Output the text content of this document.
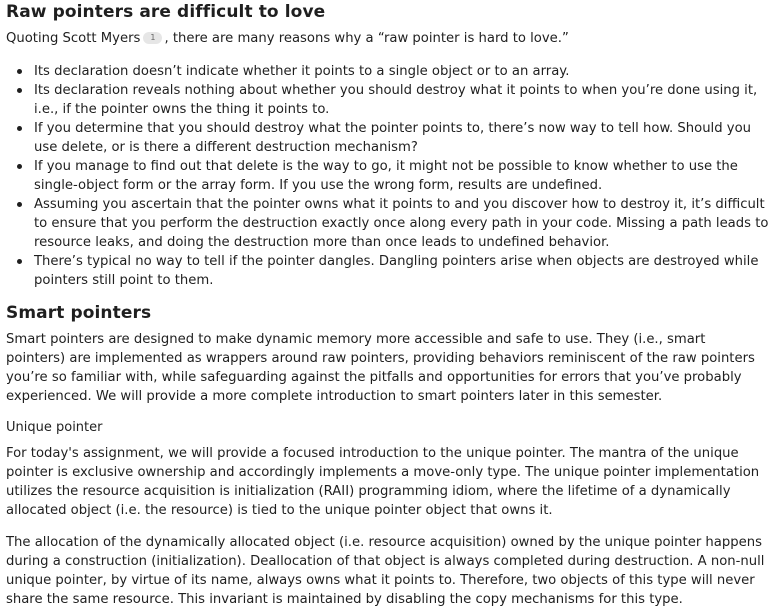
Raw pointers are difficult to love

Quoting Scott Myers 1 , there are many reasons why a “raw pointer is hard to love.”

Its declaration doesn’t indicate whether it points to a single object or to an array.
Its declaration reveals nothing about whether you should destroy what it points to when you’re done using it, i.e., if the pointer owns the thing it points to.
If you determine that you should destroy what the pointer points to, there’s now way to tell how. Should you use delete, or is there a different destruction mechanism?
If you manage to find out that delete is the way to go, it might not be possible to know whether to use the single-object form or the array form. If you use the wrong form, results are undefined.
Assuming you ascertain that the pointer owns what it points to and you discover how to destroy it, it’s difficult to ensure that you perform the destruction exactly once along every path in your code. Missing a path leads to resource leaks, and doing the destruction more than once leads to undefined behavior.
There’s typical no way to tell if the pointer dangles. Dangling pointers arise when objects are destroyed while pointers still point to them.
Smart pointers

Smart pointers are designed to make dynamic memory more accessible and safe to use. They (i.e., smart pointers) are implemented as wrappers around raw pointers, providing behaviors reminiscent of the raw pointers you’re so familiar with, while safeguarding against the pitfalls and opportunities for errors that you’ve probably experienced. We will provide a more complete introduction to smart pointers later in this semester.

Unique pointer

For today's assignment, we will provide a focused introduction to the unique pointer. The mantra of the unique pointer is exclusive ownership and accordingly implements a move-only type. The unique pointer implementation utilizes the resource acquisition is initialization (RAII) programming idiom, where the lifetime of a dynamically allocated object (i.e. the resource) is tied to the unique pointer object that owns it.

The allocation of the dynamically allocated object (i.e. resource acquisition) owned by the unique pointer happens during a construction (initialization). Deallocation of that object is always completed during destruction. A non-null unique pointer, by virtue of its name, always owns what it points to. Therefore, two objects of this type will never share the same resource. This invariant is maintained by disabling the copy mechanisms for this type.
